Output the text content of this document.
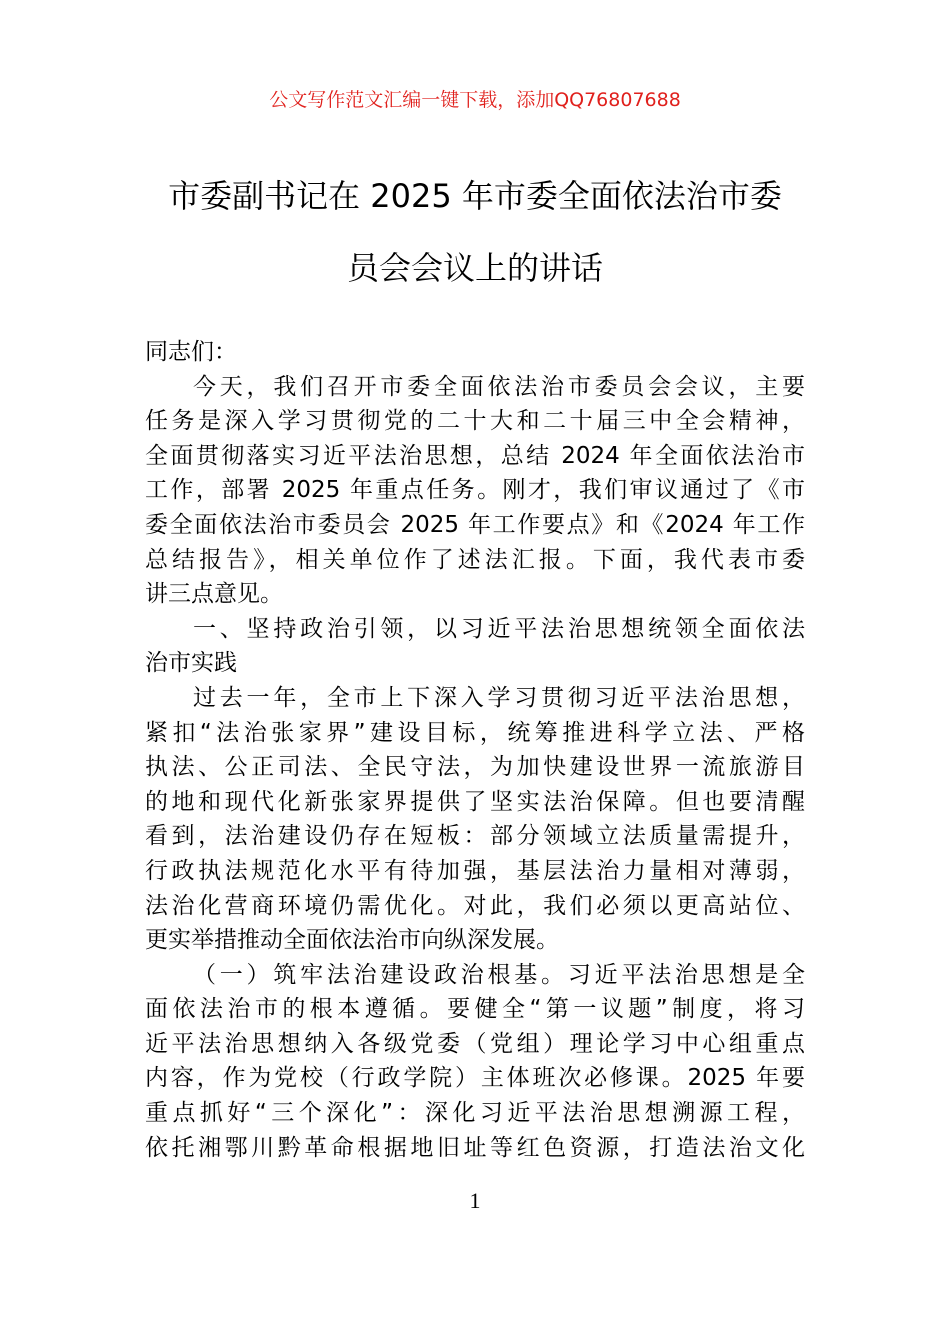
公文写作范文汇编一键下载，添加QQ76807688
市委副书记在 2025 年市委全面依法治市委
员会会议上的讲话
同志们：
今天，我们召开市委全面依法治市委员会会议，主要
任务是深入学习贯彻党的二十大和二十届三中全会精神，
全面贯彻落实习近平法治思想，总结 2024 年全面依法治市
工作，部署 2025 年重点任务。刚才，我们审议通过了《市
委全面依法治市委员会 2025 年工作要点》和《2024 年工作
总结报告》，相关单位作了述法汇报。下面，我代表市委
讲三点意见。
一、坚持政治引领，以习近平法治思想统领全面依法
治市实践
过去一年，全市上下深入学习贯彻习近平法治思想，
紧扣“法治张家界”建设目标，统筹推进科学立法、严格
执法、公正司法、全民守法，为加快建设世界一流旅游目
的地和现代化新张家界提供了坚实法治保障。但也要清醒
看到，法治建设仍存在短板：部分领域立法质量需提升，
行政执法规范化水平有待加强，基层法治力量相对薄弱，
法治化营商环境仍需优化。对此，我们必须以更高站位、
更实举措推动全面依法治市向纵深发展。
（一）筑牢法治建设政治根基。习近平法治思想是全
面依法治市的根本遵循。要健全“第一议题”制度，将习
近平法治思想纳入各级党委（党组）理论学习中心组重点
内容，作为党校（行政学院）主体班次必修课。2025 年要
重点抓好“三个深化”：深化习近平法治思想溯源工程，
依托湘鄂川黔革命根据地旧址等红色资源，打造法治文化
1
